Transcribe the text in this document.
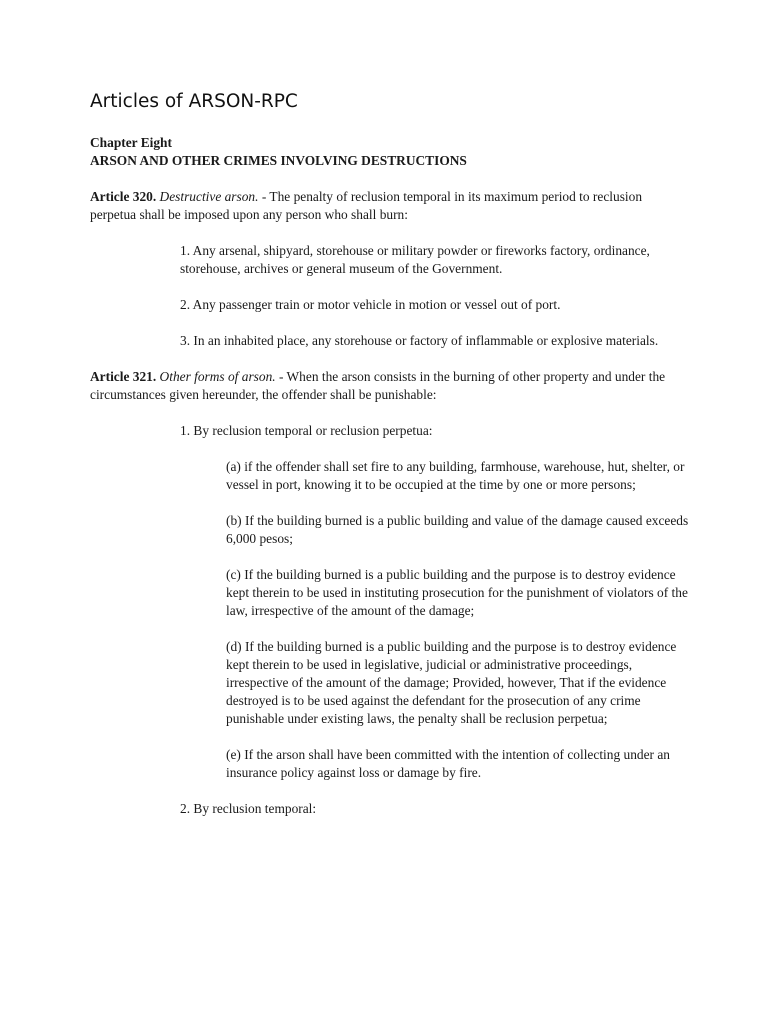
Articles of ARSON-RPC

Chapter Eight

ARSON AND OTHER CRIMES INVOLVING DESTRUCTIONS

Article 320. Destructive arson. - The penalty of reclusion temporal in its maximum period to reclusion perpetua shall be imposed upon any person who shall burn:

1. Any arsenal, shipyard, storehouse or military powder or fireworks factory, ordinance, storehouse, archives or general museum of the Government.

2. Any passenger train or motor vehicle in motion or vessel out of port.

3. In an inhabited place, any storehouse or factory of inflammable or explosive materials.

Article 321. Other forms of arson. - When the arson consists in the burning of other property and under the circumstances given hereunder, the offender shall be punishable:

1. By reclusion temporal or reclusion perpetua:

(a) if the offender shall set fire to any building, farmhouse, warehouse, hut, shelter, or vessel in port, knowing it to be occupied at the time by one or more persons;

(b) If the building burned is a public building and value of the damage caused exceeds 6,000 pesos;

(c) If the building burned is a public building and the purpose is to destroy evidence kept therein to be used in instituting prosecution for the punishment of violators of the law, irrespective of the amount of the damage;

(d) If the building burned is a public building and the purpose is to destroy evidence kept therein to be used in legislative, judicial or administrative proceedings, irrespective of the amount of the damage; Provided, however, That if the evidence destroyed is to be used against the defendant for the prosecution of any crime punishable under existing laws, the penalty shall be reclusion perpetua;

(e) If the arson shall have been committed with the intention of collecting under an insurance policy against loss or damage by fire.

2. By reclusion temporal:
